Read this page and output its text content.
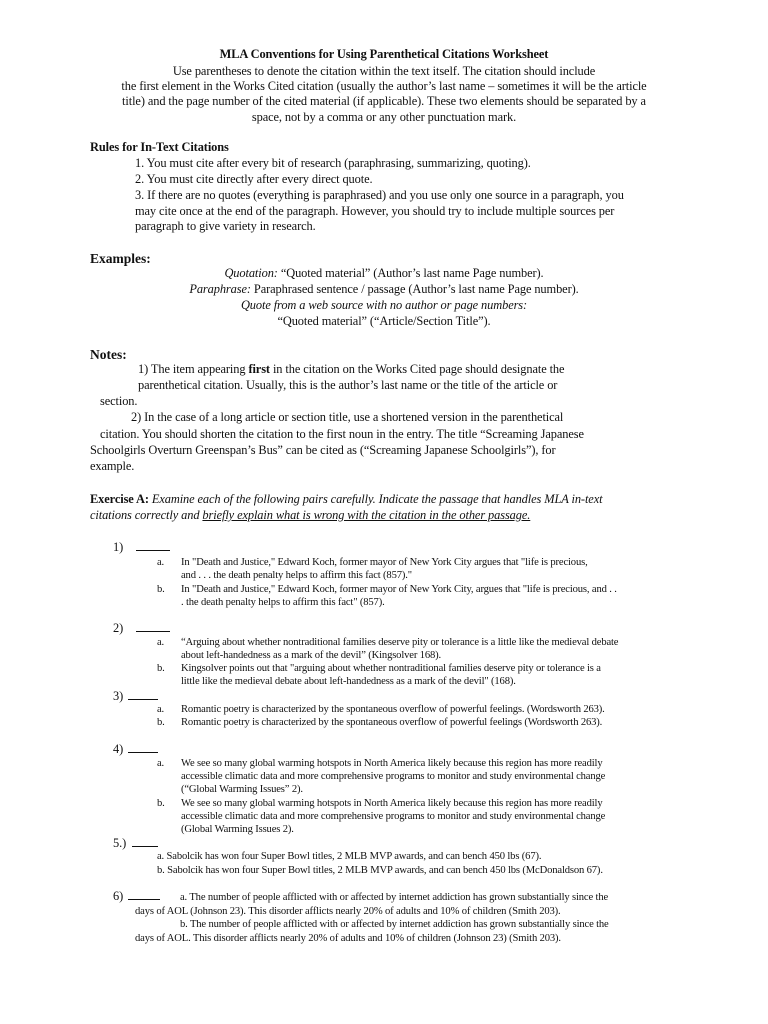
MLA Conventions for Using Parenthetical Citations Worksheet
Use parentheses to denote the citation within the text itself. The citation should include
the first element in the Works Cited citation (usually the author’s last name – sometimes it will be the article
title) and the page number of the cited material (if applicable). These two elements should be separated by a
space, not by a comma or any other punctuation mark.
Rules for In-Text Citations
1. You must cite after every bit of research (paraphrasing, summarizing, quoting).
2. You must cite directly after every direct quote.
3. If there are no quotes (everything is paraphrased) and you use only one source in a paragraph, you
may cite once at the end of the paragraph. However, you should try to include multiple sources per
paragraph to give variety in research.
Examples:
Quotation: “Quoted material” (Author’s last name Page number).
Paraphrase: Paraphrased sentence / passage (Author’s last name Page number).
Quote from a web source with no author or page numbers:
“Quoted material” (“Article/Section Title”).
Notes:
1) The item appearing first in the citation on the Works Cited page should designate the
parenthetical citation. Usually, this is the author’s last name or the title of the article or
section.
2) In the case of a long article or section title, use a shortened version in the parenthetical
citation. You should shorten the citation to the first noun in the entry. The title “Screaming Japanese
Schoolgirls Overturn Greenspan’s Bus” can be cited as (“Screaming Japanese Schoolgirls”), for
example.
Exercise A: Examine each of the following pairs carefully. Indicate the passage that handles MLA in-text
citations correctly and briefly explain what is wrong with the citation in the other passage.
1)
a. In "Death and Justice," Edward Koch, former mayor of New York City argues that "life is precious,
and . . . the death penalty helps to affirm this fact (857)."
b. In "Death and Justice," Edward Koch, former mayor of New York City, argues that "life is precious, and . .
. the death penalty helps to affirm this fact" (857).
2)
a. “Arguing about whether nontraditional families deserve pity or tolerance is a little like the medieval debate
about left-handedness as a mark of the devil” (Kingsolver 168).
b. Kingsolver points out that "arguing about whether nontraditional families deserve pity or tolerance is a
little like the medieval debate about left-handedness as a mark of the devil" (168).
3)
a. Romantic poetry is characterized by the spontaneous overflow of powerful feelings. (Wordsworth 263).
b. Romantic poetry is characterized by the spontaneous overflow of powerful feelings (Wordsworth 263).
4)
a. We see so many global warming hotspots in North America likely because this region has more readily
accessible climatic data and more comprehensive programs to monitor and study environmental change
(“Global Warming Issues” 2).
b. We see so many global warming hotspots in North America likely because this region has more readily
accessible climatic data and more comprehensive programs to monitor and study environmental change
(Global Warming Issues 2).
5.)
a. Sabolcik has won four Super Bowl titles, 2 MLB MVP awards, and can bench 450 lbs (67).
b. Sabolcik has won four Super Bowl titles, 2 MLB MVP awards, and can bench 450 lbs (McDonaldson 67).
6)	a. The number of people afflicted with or affected by internet addiction has grown substantially since the
days of AOL (Johnson 23). This disorder afflicts nearly 20% of adults and 10% of children (Smith 203).
b. The number of people afflicted with or affected by internet addiction has grown substantially since the
days of AOL. This disorder afflicts nearly 20% of adults and 10% of children (Johnson 23) (Smith 203).
